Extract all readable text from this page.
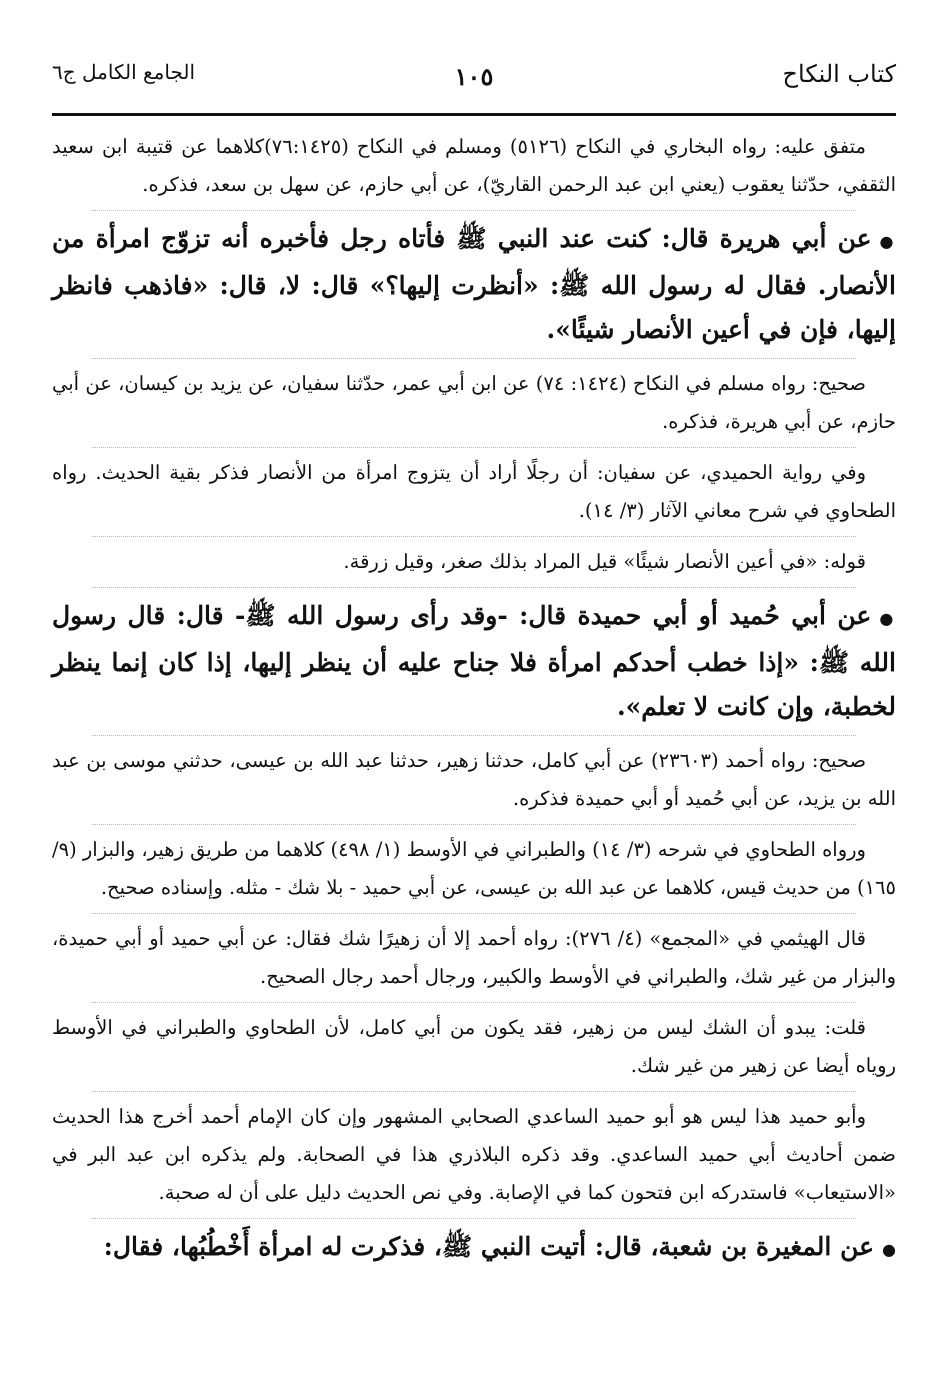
كتاب النكاح
١٠٥
الجامع الكامل ج٦

متفق عليه: رواه البخاري في النكاح (٥١٢٦) ومسلم في النكاح (٧٦:١٤٢٥)كلاهما عن قتيبة ابن سعيد الثقفي، حدّثنا يعقوب (يعني ابن عبد الرحمن القاريّ)، عن أبي حازم، عن سهل بن سعد، فذكره.

●عن أبي هريرة قال: كنت عند النبي ﷺ فأتاه رجل فأخبره أنه تزوّج امرأة من الأنصار. فقال له رسول الله ﷺ: «أنظرت إليها؟» قال: لا، قال: «فاذهب فانظر إليها، فإن في أعين الأنصار شيئًا».

صحيح: رواه مسلم في النكاح (١٤٢٤: ٧٤) عن ابن أبي عمر، حدّثنا سفيان، عن يزيد بن كيسان، عن أبي حازم، عن أبي هريرة، فذكره.

وفي رواية الحميدي، عن سفيان: أن رجلًا أراد أن يتزوج امرأة من الأنصار فذكر بقية الحديث. رواه الطحاوي في شرح معاني الآثار (٣/ ١٤).

قوله: «في أعين الأنصار شيئًا» قيل المراد بذلك صغر، وقيل زرقة.

●عن أبي حُميد أو أبي حميدة قال: -وقد رأى رسول الله ﷺ- قال: قال رسول الله ﷺ: «إذا خطب أحدكم امرأة فلا جناح عليه أن ينظر إليها، إذا كان إنما ينظر لخطبة، وإن كانت لا تعلم».

صحيح: رواه أحمد (٢٣٦٠٣) عن أبي كامل، حدثنا زهير، حدثنا عبد الله بن عيسى، حدثني موسى بن عبد الله بن يزيد، عن أبي حُميد أو أبي حميدة فذكره.

ورواه الطحاوي في شرحه (٣/ ١٤) والطبراني في الأوسط (١/ ٤٩٨) كلاهما من طريق زهير، والبزار (٩/ ١٦٥) من حديث قيس، كلاهما عن عبد الله بن عيسى، عن أبي حميد - بلا شك - مثله. وإسناده صحيح.

قال الهيثمي في «المجمع» (٤/ ٢٧٦): رواه أحمد إلا أن زهيرًا شك فقال: عن أبي حميد أو أبي حميدة، والبزار من غير شك، والطبراني في الأوسط والكبير، ورجال أحمد رجال الصحيح.

قلت: يبدو أن الشك ليس من زهير، فقد يكون من أبي كامل، لأن الطحاوي والطبراني في الأوسط روياه أيضا عن زهير من غير شك.

وأبو حميد هذا ليس هو أبو حميد الساعدي الصحابي المشهور وإن كان الإمام أحمد أخرج هذا الحديث ضمن أحاديث أبي حميد الساعدي. وقد ذكره البلاذري هذا في الصحابة. ولم يذكره ابن عبد البر في «الاستيعاب» فاستدركه ابن فتحون كما في الإصابة. وفي نص الحديث دليل على أن له صحبة.

●عن المغيرة بن شعبة، قال: أتيت النبي ﷺ، فذكرت له امرأة أَخْطُبُها، فقال:
